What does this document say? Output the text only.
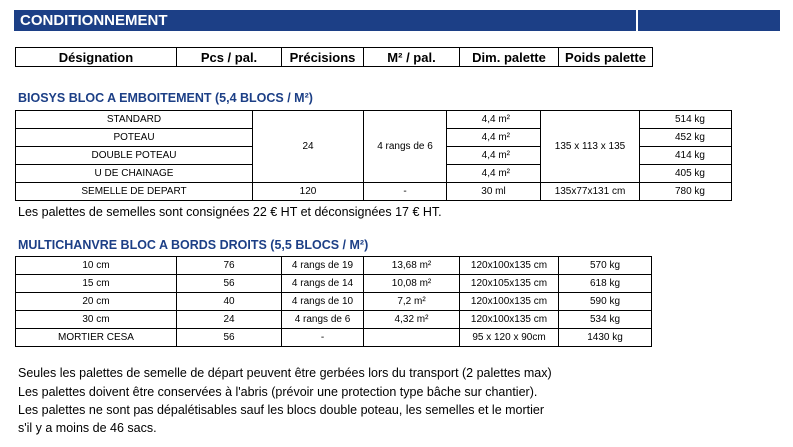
CONDITIONNEMENT
Désignation	Pcs / pal.	Précisions	M² / pal.	Dim. palette	Poids palette
BIOSYS BLOC A EMBOITEMENT (5,4 BLOCS / M²)
STANDARD	24	4 rangs de 6	4,4 m²	135 x 113 x 135	514 kg
POTEAU			4,4 m²		452 kg
DOUBLE POTEAU			4,4 m²		414 kg
U DE CHAINAGE			4,4 m²		405 kg
SEMELLE DE DEPART	120	-	30 ml	135x77x131 cm	780 kg
Les palettes de semelles sont consignées 22 € HT et déconsignées 17 € HT.
MULTICHANVRE BLOC A BORDS DROITS (5,5 BLOCS / M²)
10 cm	76	4 rangs de 19	13,68 m²	120x100x135 cm	570 kg
15 cm	56	4 rangs de 14	10,08 m²	120x105x135 cm	618 kg
20 cm	40	4 rangs de 10	7,2 m²	120x100x135 cm	590 kg
30 cm	24	4 rangs de 6	4,32 m²	120x100x135 cm	534 kg
MORTIER CESA	56	-		95 x 120 x 90cm	1430 kg
Seules les palettes de semelle de départ peuvent être gerbées lors du transport (2 palettes max)
Les palettes doivent être conservées à l'abris (prévoir une protection type bâche sur chantier).
Les palettes ne sont pas dépalétisables sauf les blocs double poteau, les semelles et le mortier
s'il y a moins de 46 sacs.
